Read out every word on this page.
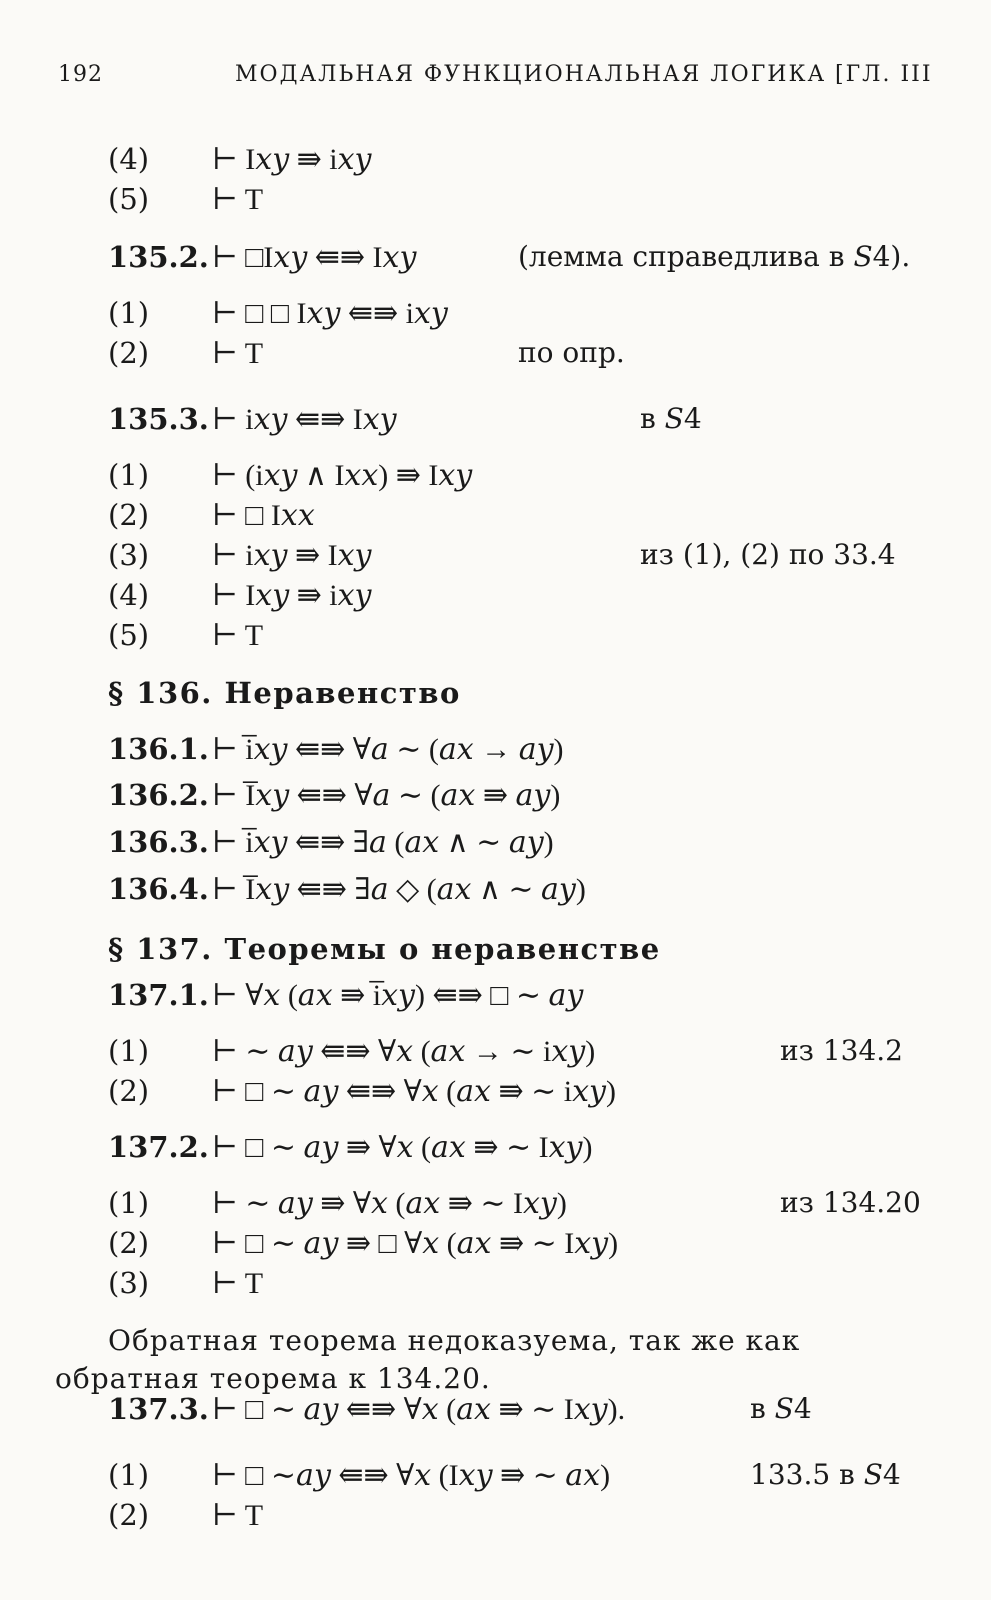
192	МОДАЛЬНАЯ ФУНКЦИОНАЛЬНАЯ ЛОГИКА [ГЛ. III
(4) ⊢ I𝑥𝑦 ⇛ i𝑥𝑦
(5) ⊢ T
135.2. ⊢ □I𝑥𝑦 ⇚⇛ I𝑥𝑦	(лемма справедлива в 𝑆4).
(1) ⊢ □ □ I𝑥𝑦 ⇚⇛ i𝑥𝑦
(2) ⊢ T	по опр.
135.3. ⊢ i𝑥𝑦 ⇚⇛ I𝑥𝑦	в 𝑆4
(1) ⊢ (i𝑥𝑦 ∧ I𝑥𝑥) ⇛ I𝑥𝑦
(2) ⊢ □ I𝑥𝑥
(3) ⊢ i𝑥𝑦 ⇛ I𝑥𝑦	из (1), (2) по 33.4
(4) ⊢ I𝑥𝑦 ⇛ i𝑥𝑦
(5) ⊢ T
§ 136. Неравенство
136.1. ⊢ i̅𝑥𝑦 ⇚⇛ ∀𝑎 ∼ (𝑎𝑥 → 𝑎𝑦)
136.2. ⊢ I̅𝑥𝑦 ⇚⇛ ∀𝑎 ∼ (𝑎𝑥 ⇛ 𝑎𝑦)
136.3. ⊢ i̅𝑥𝑦 ⇚⇛ ∃𝑎 (𝑎𝑥 ∧ ∼ 𝑎𝑦)
136.4. ⊢ I̅𝑥𝑦 ⇚⇛ ∃𝑎 ◇ (𝑎𝑥 ∧ ∼ 𝑎𝑦)
§ 137. Теоремы о неравенстве
137.1. ⊢ ∀𝑥 (𝑎𝑥 ⇛ i̅𝑥𝑦) ⇚⇛ □ ∼ 𝑎𝑦
(1) ⊢ ∼ 𝑎𝑦 ⇚⇛ ∀𝑥 (𝑎𝑥 → ∼ i𝑥𝑦)	из 134.2
(2) ⊢ □ ∼ 𝑎𝑦 ⇚⇛ ∀𝑥 (𝑎𝑥 ⇛ ∼ i𝑥𝑦)
137.2. ⊢ □ ∼ 𝑎𝑦 ⇛ ∀𝑥 (𝑎𝑥 ⇛ ∼ I𝑥𝑦)
(1) ⊢ ∼ 𝑎𝑦 ⇛ ∀𝑥 (𝑎𝑥 ⇛ ∼ I𝑥𝑦)	из 134.20
(2) ⊢ □ ∼ 𝑎𝑦 ⇛ □ ∀𝑥 (𝑎𝑥 ⇛ ∼ I𝑥𝑦)
(3) ⊢ T
Обратная теорема недоказуема, так же как обратная теорема к 134.20.
137.3. ⊢ □ ∼ 𝑎𝑦 ⇚⇛ ∀𝑥 (𝑎𝑥 ⇛ ∼ I𝑥𝑦).	в 𝑆4
(1) ⊢ □ ∼𝑎𝑦 ⇚⇛ ∀𝑥 (I𝑥𝑦 ⇛ ∼ 𝑎𝑥)	133.5 в 𝑆4
(2) ⊢ T
